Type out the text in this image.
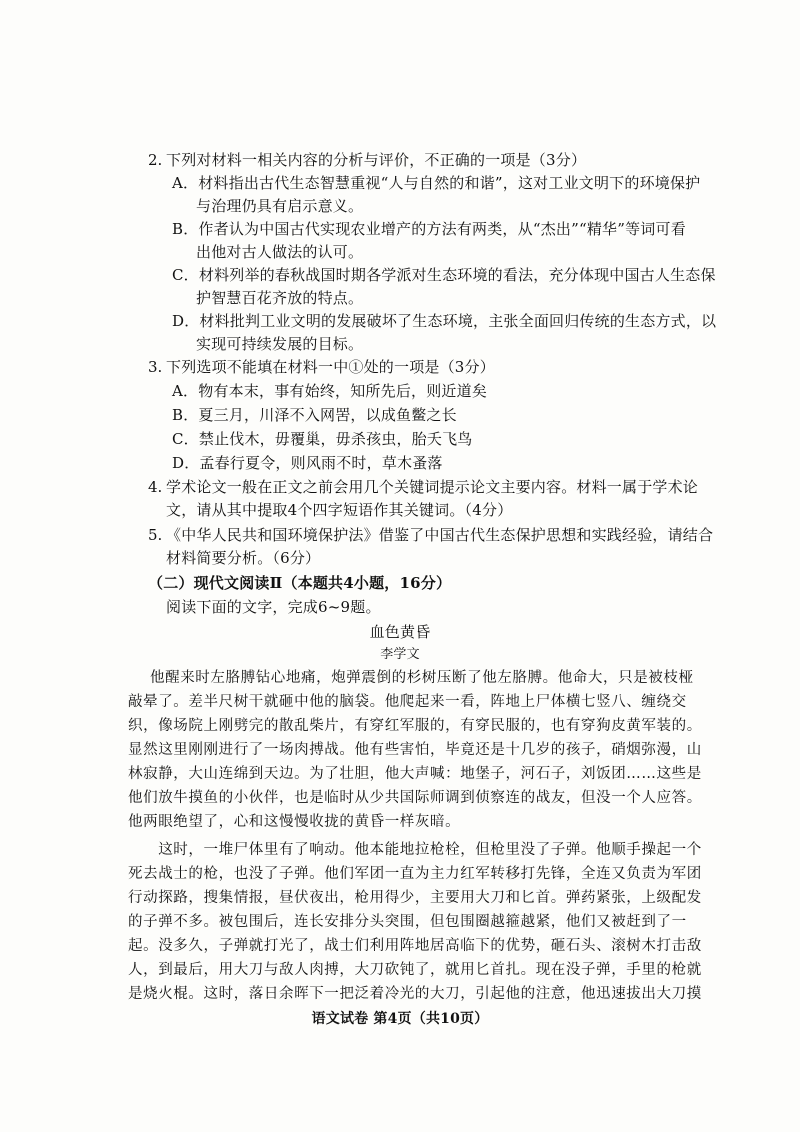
2. 下列对材料一相关内容的分析与评价，不正确的一项是（3分）
A．材料指出古代生态智慧重视“人与自然的和谐”，这对工业文明下的环境保护
与治理仍具有启示意义。
B．作者认为中国古代实现农业增产的方法有两类，从“杰出”“精华”等词可看
出他对古人做法的认可。
C．材料列举的春秋战国时期各学派对生态环境的看法，充分体现中国古人生态保
护智慧百花齐放的特点。
D．材料批判工业文明的发展破坏了生态环境，主张全面回归传统的生态方式，以
实现可持续发展的目标。
3. 下列选项不能填在材料一中①处的一项是（3分）
A．物有本末，事有始终，知所先后，则近道矣
B．夏三月，川泽不入网罟，以成鱼鳖之长
C．禁止伐木，毋覆巢，毋杀孩虫，胎夭飞鸟
D．孟春行夏令，则风雨不时，草木蚤落
4. 学术论文一般在正文之前会用几个关键词提示论文主要内容。材料一属于学术论
文，请从其中提取4个四字短语作其关键词。（4分）
5. 《中华人民共和国环境保护法》借鉴了中国古代生态保护思想和实践经验，请结合
材料简要分析。（6分）
（二）现代文阅读Ⅱ（本题共4小题，16分）
阅读下面的文字，完成6~9题。
血色黄昏
李学文
他醒来时左胳膊钻心地痛，炮弹震倒的杉树压断了他左胳膊。他命大，只是被枝桠
敲晕了。差半尺树干就砸中他的脑袋。他爬起来一看，阵地上尸体横七竖八、缠绕交
织，像场院上刚劈完的散乱柴片，有穿红军服的，有穿民服的，也有穿狗皮黄军装的。
显然这里刚刚进行了一场肉搏战。他有些害怕，毕竟还是十几岁的孩子，硝烟弥漫，山
林寂静，大山连绵到天边。为了壮胆，他大声喊：地堡子，河石子，刘饭团……这些是
他们放牛摸鱼的小伙伴，也是临时从少共国际师调到侦察连的战友，但没一个人应答。
他两眼绝望了，心和这慢慢收拢的黄昏一样灰暗。
　　这时，一堆尸体里有了响动。他本能地拉枪栓，但枪里没了子弹。他顺手操起一个
死去战士的枪，也没了子弹。他们军团一直为主力红军转移打先锋，全连又负责为军团
行动探路，搜集情报，昼伏夜出，枪用得少，主要用大刀和匕首。弹药紧张，上级配发
的子弹不多。被包围后，连长安排分头突围，但包围圈越箍越紧，他们又被赶到了一
起。没多久，子弹就打光了，战士们利用阵地居高临下的优势，砸石头、滚树木打击敌
人，到最后，用大刀与敌人肉搏，大刀砍钝了，就用匕首扎。现在没子弹，手里的枪就
是烧火棍。这时，落日余晖下一把泛着冷光的大刀，引起他的注意，他迅速拔出大刀摸
语文试卷 第4页（共10页）
